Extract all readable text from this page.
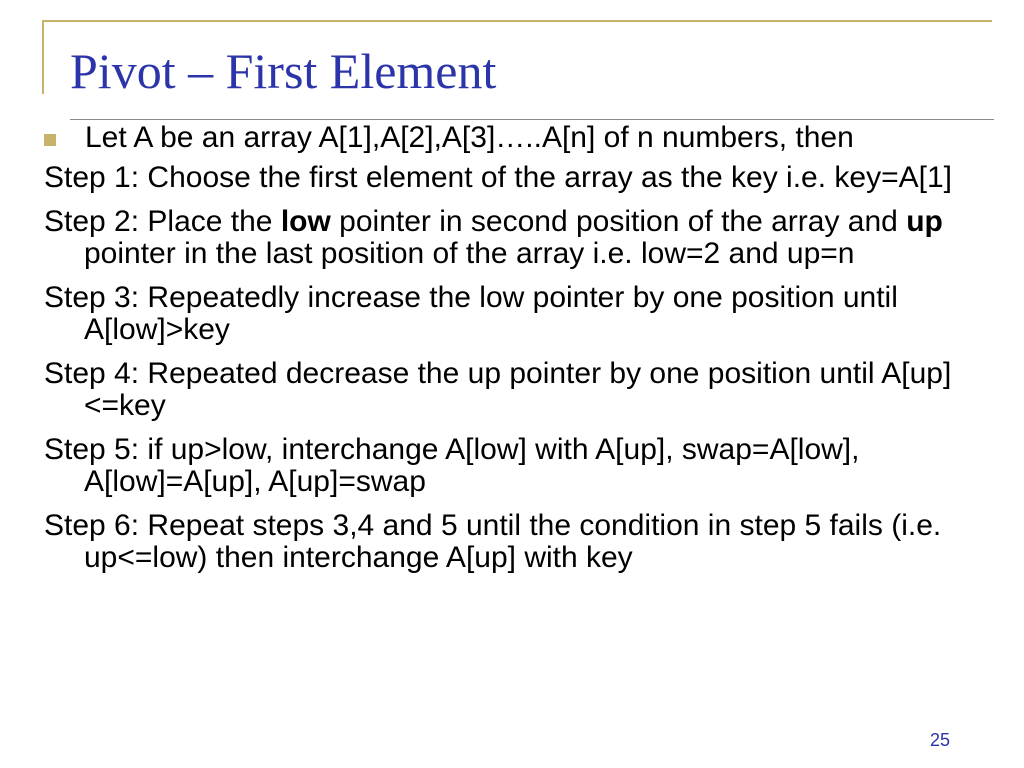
Pivot – First Element

Let A be an array A[1],A[2],A[3]…..A[n] of n numbers, then

Step 1: Choose the first element of the array as the key i.e. key=A[1]

Step 2: Place the low pointer in second position of the array and up pointer in the last position of the array i.e. low=2 and up=n

Step 3: Repeatedly increase the low pointer by one position until A[low]>key

Step 4: Repeated decrease the up pointer by one position until A[up]<=key

Step 5: if up>low, interchange A[low] with A[up], swap=A[low], A[low]=A[up], A[up]=swap

Step 6: Repeat steps 3,4 and 5 until the condition in step 5 fails (i.e. up<=low) then interchange A[up] with key

25
